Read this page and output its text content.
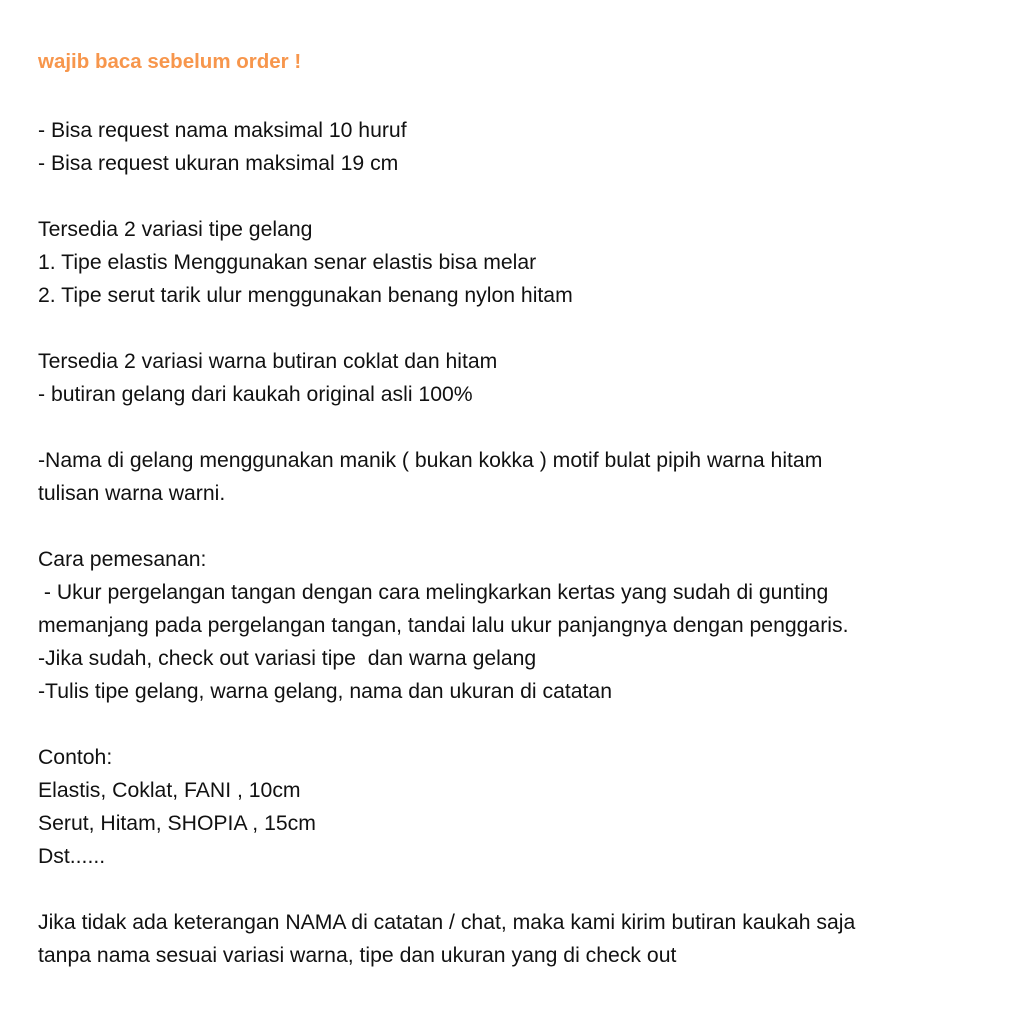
wajib baca sebelum order !
- Bisa request nama maksimal 10 huruf
- Bisa request ukuran maksimal 19 cm
Tersedia 2 variasi tipe gelang
1. Tipe elastis Menggunakan senar elastis bisa melar
2. Tipe serut tarik ulur menggunakan benang nylon hitam
Tersedia 2 variasi warna butiran coklat dan hitam
- butiran gelang dari kaukah original asli 100%
-Nama di gelang menggunakan manik ( bukan kokka ) motif bulat pipih warna hitam
tulisan warna warni.
Cara pemesanan:
- Ukur pergelangan tangan dengan cara melingkarkan kertas yang sudah di gunting
memanjang pada pergelangan tangan, tandai lalu ukur panjangnya dengan penggaris.
-Jika sudah, check out variasi tipe  dan warna gelang
-Tulis tipe gelang, warna gelang, nama dan ukuran di catatan
Contoh:
Elastis, Coklat, FANI , 10cm
Serut, Hitam, SHOPIA , 15cm
Dst......
Jika tidak ada keterangan NAMA di catatan / chat, maka kami kirim butiran kaukah saja
tanpa nama sesuai variasi warna, tipe dan ukuran yang di check out
